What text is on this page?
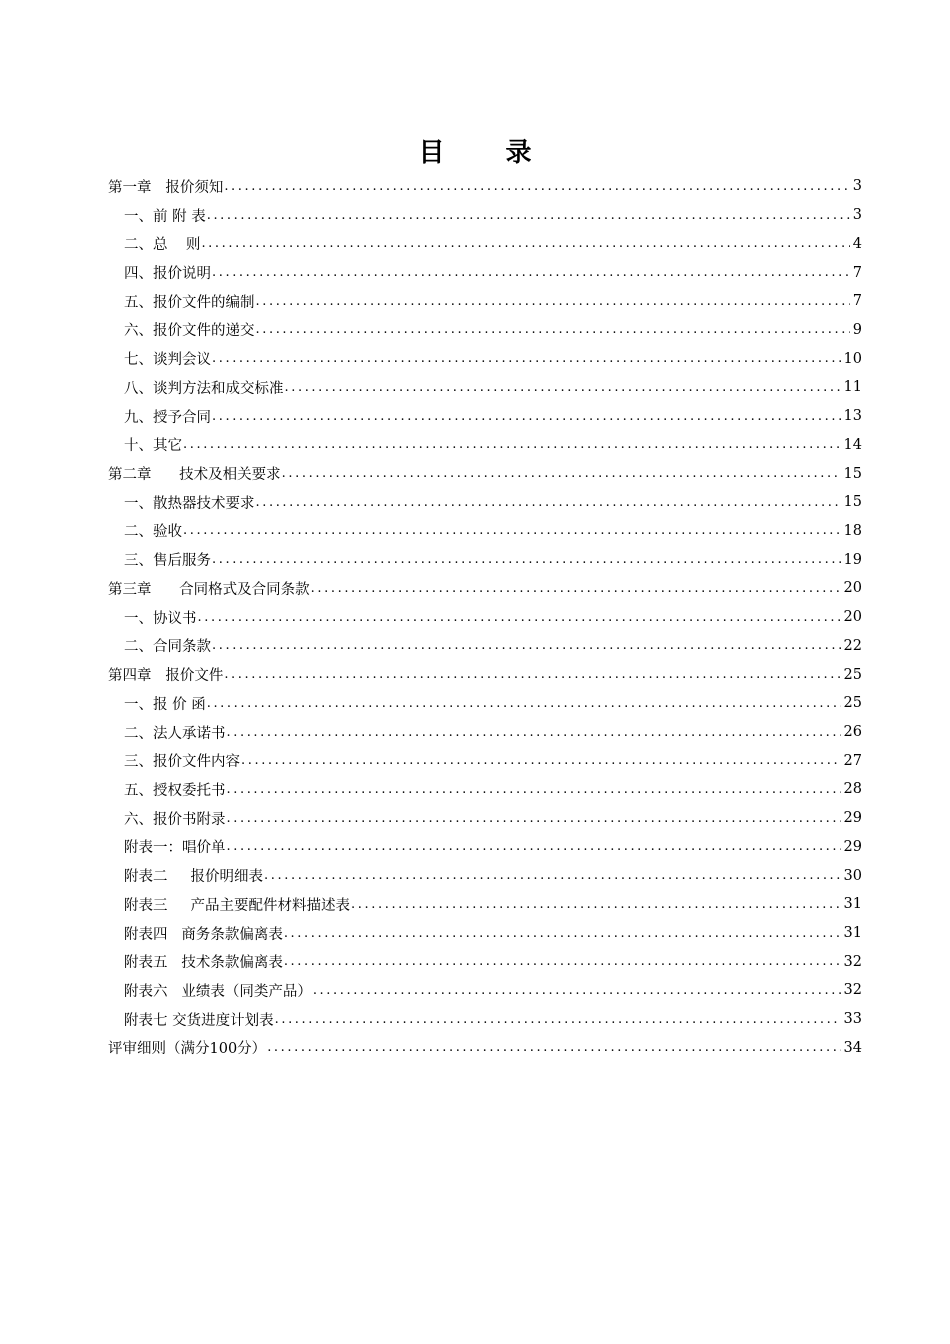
目 录
第一章   报价须知 .....	3
一、前 附 表 .....	3
二、总    则 .....	4
四、报价说明 .....	7
五、报价文件的编制 .....	7
六、报价文件的递交 .....	9
七、谈判会议 .....	10
八、谈判方法和成交标准 .....	11
九、授予合同 .....	13
十、其它 .....	14
第二章      技术及相关要求 .....	15
一、散热器技术要求 .....	15
二、验收 .....	18
三、售后服务 .....	19
第三章      合同格式及合同条款 .....	20
一、协议书 .....	20
二、合同条款 .....	22
第四章   报价文件 .....	25
一、报 价 函 .....	25
二、法人承诺书 .....	26
三、报价文件内容 .....	27
五、授权委托书 .....	28
六、报价书附录 .....	29
附表一：唱价单 .....	29
附表二     报价明细表 .....	30
附表三     产品主要配件材料描述表 .....	31
附表四   商务条款偏离表 .....	31
附表五   技术条款偏离表 .....	32
附表六   业绩表（同类产品） .....	32
附表七 交货进度计划表 .....	33
评审细则（满分100分） .....	34
